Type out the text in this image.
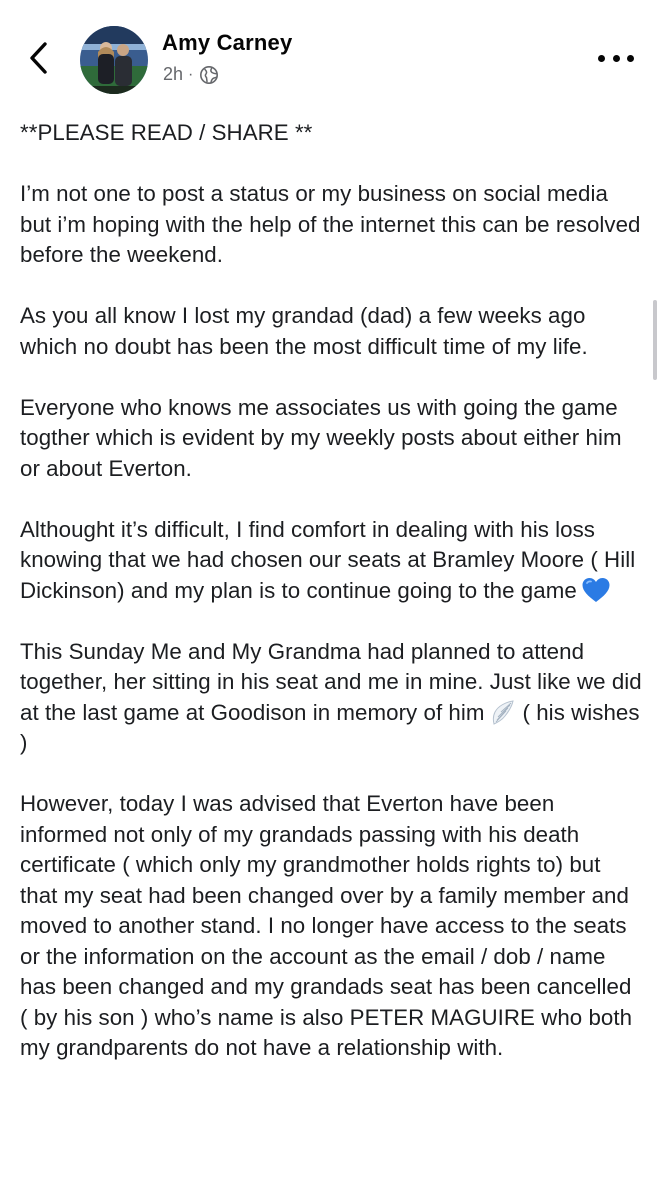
Amy Carney
2h ·

**PLEASE READ / SHARE **

I’m not one to post a status or my business on social media but i’m hoping with the help of the internet this can be resolved before the weekend.

As you all know I lost my grandad (dad) a few weeks ago which no doubt has been the most difficult time of my life.

Everyone who knows me associates us with going the game togther which is evident by my weekly posts about either him or about Everton.

Althought it’s difficult, I find comfort in dealing with his loss knowing that we had chosen our seats at Bramley Moore ( Hill Dickinson) and my plan is to continue going to the game

This Sunday Me and My Grandma had planned to attend together, her sitting in his seat and me in mine. Just like we did at the last game at Goodison in memory of him ( his wishes )

However, today I was advised that Everton have been informed not only of my grandads passing with his death certificate ( which only my grandmother holds rights to) but that my seat had been changed over by a family member and moved to another stand. I no longer have access to the seats or the information on the account as the email / dob / name has been changed and my grandads seat has been cancelled ( by his son ) who’s name is also PETER MAGUIRE who both my grandparents do not have a relationship with.
